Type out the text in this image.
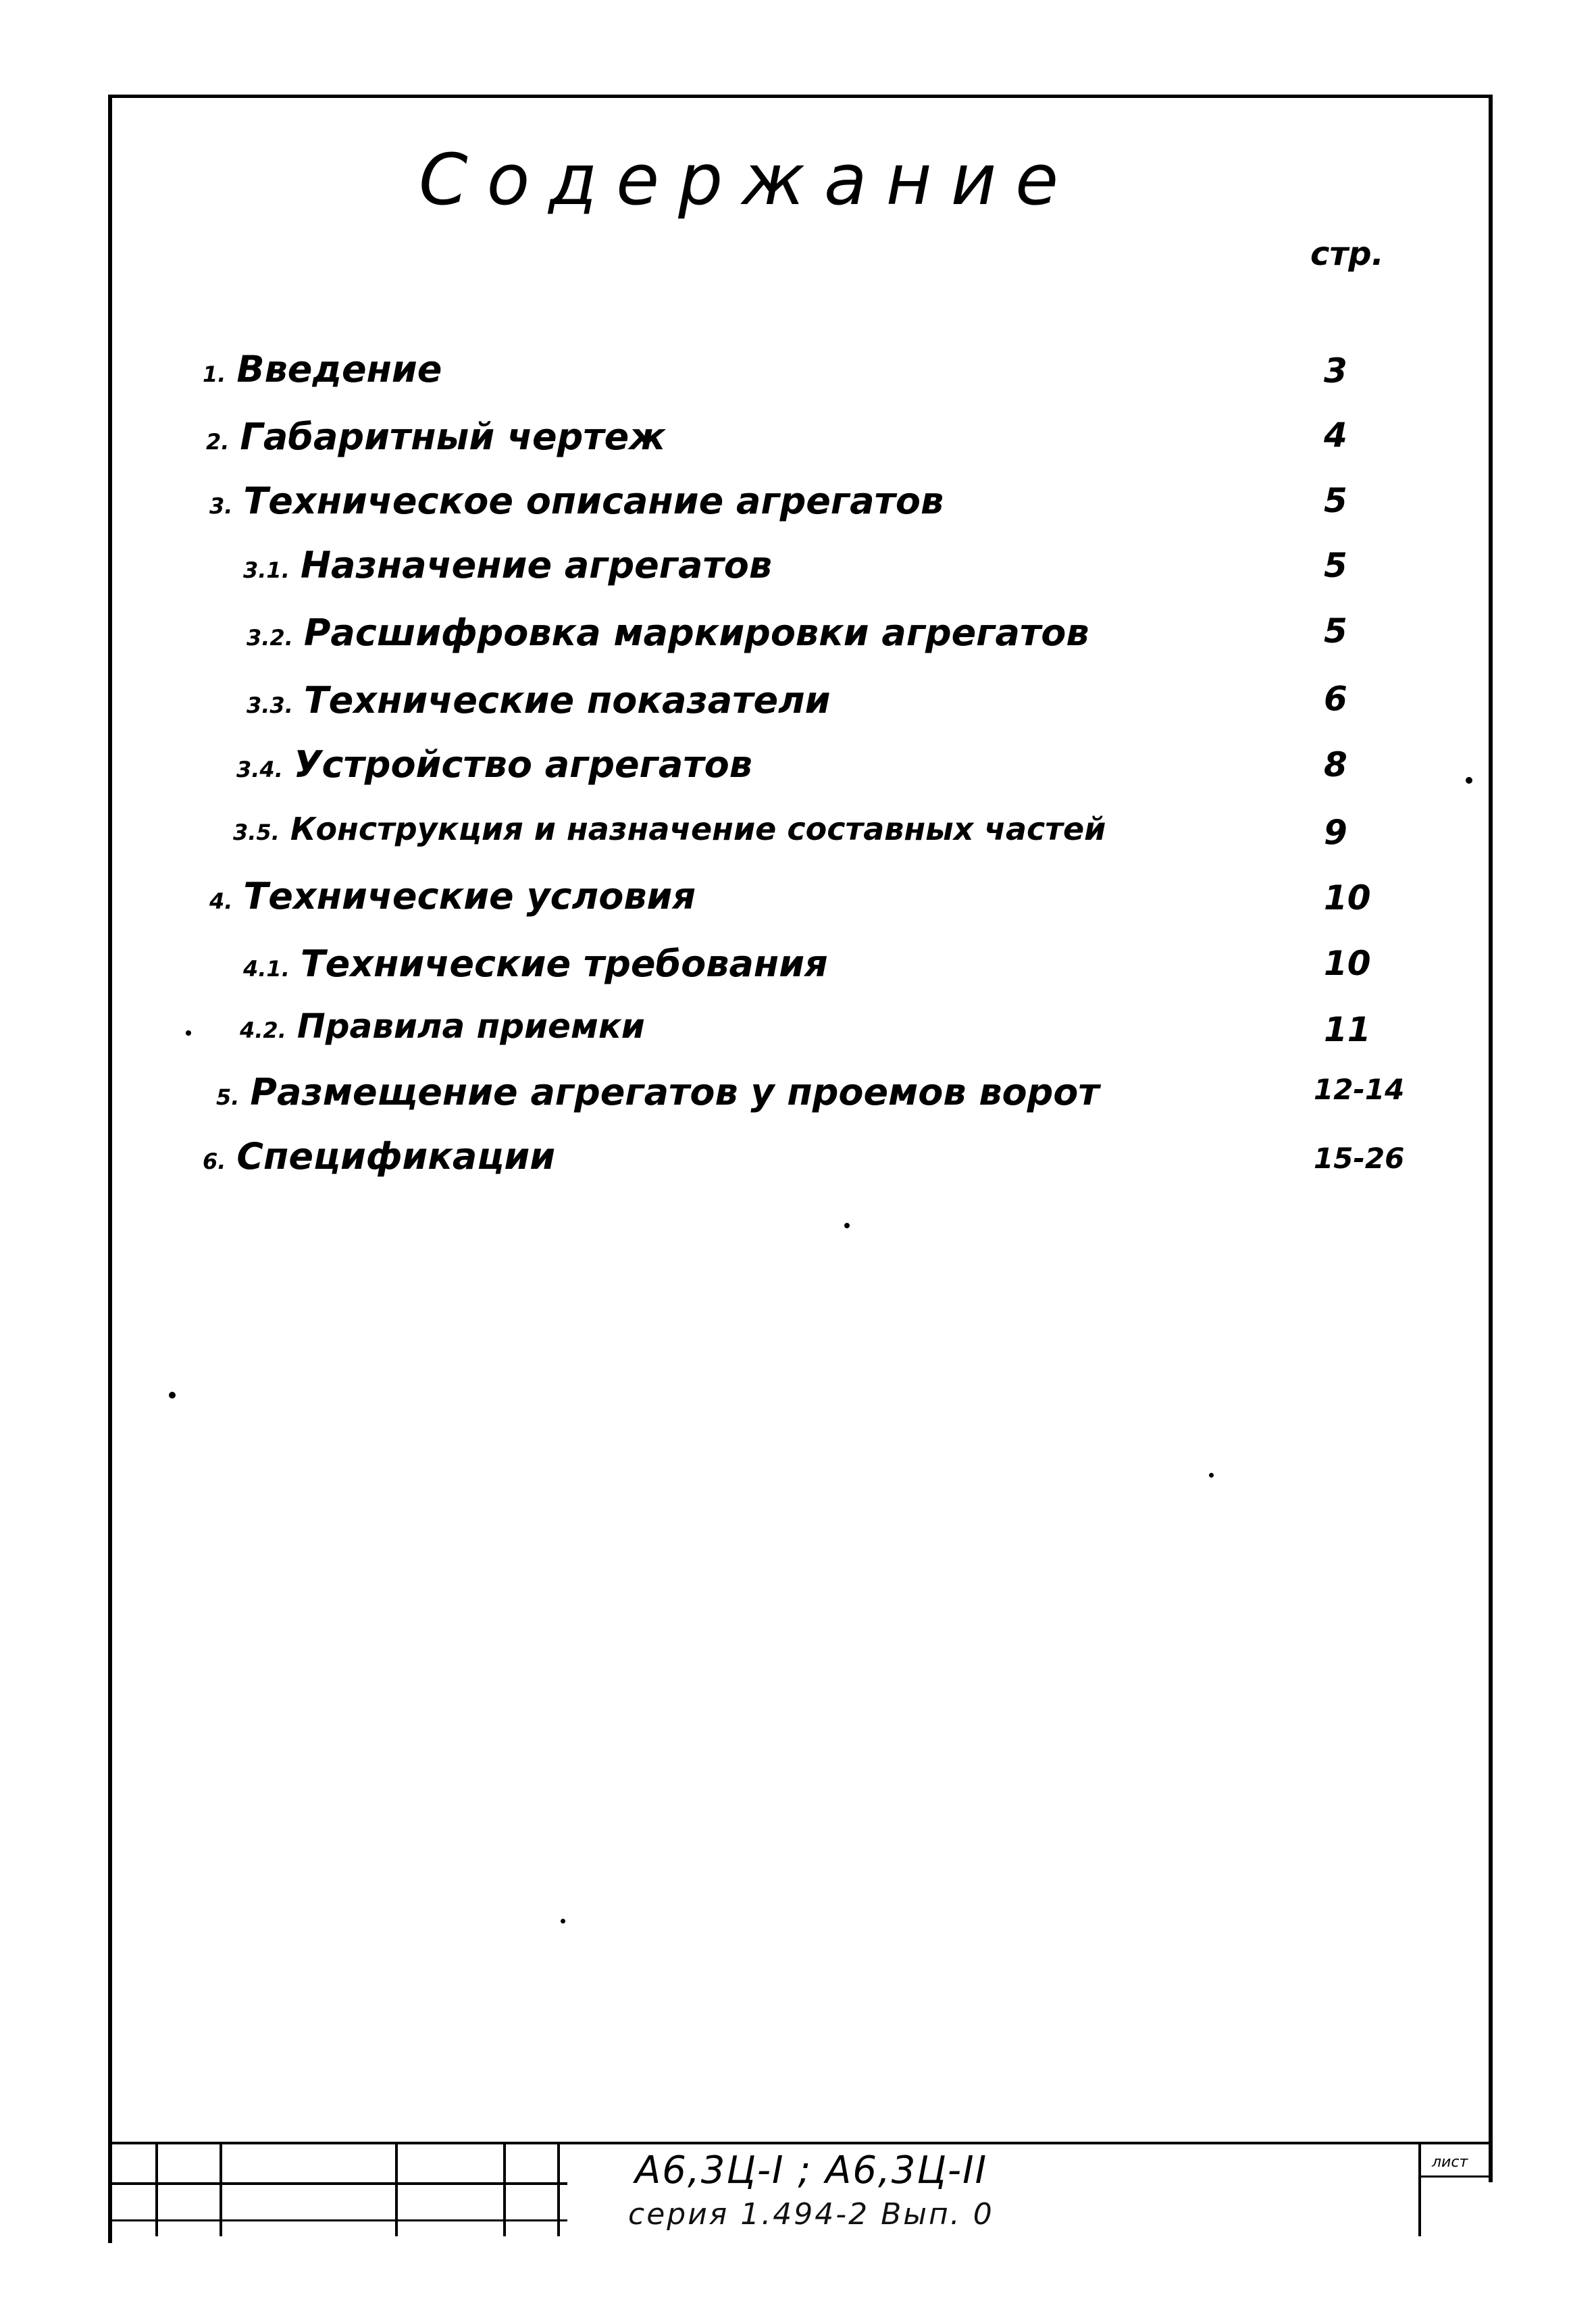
Содержание
стр.
1. Введение	3
2. Габаритный чертеж	4
3. Техническое описание агрегатов	5
3.1. Назначение агрегатов	5
3.2. Расшифровка маркировки агрегатов	5
3.3. Технические показатели	6
3.4. Устройство агрегатов	8
3.5. Конструкция и назначение составных частей	9
4. Технические условия	10
4.1. Технические требования	10
4.2. Правила приемки	11
5. Размещение агрегатов у проемов ворот	12-14
6. Спецификации	15-26
А6,3Ц-I ; А6,3Ц-II
серия 1.494-2 Вып. 0
лист
